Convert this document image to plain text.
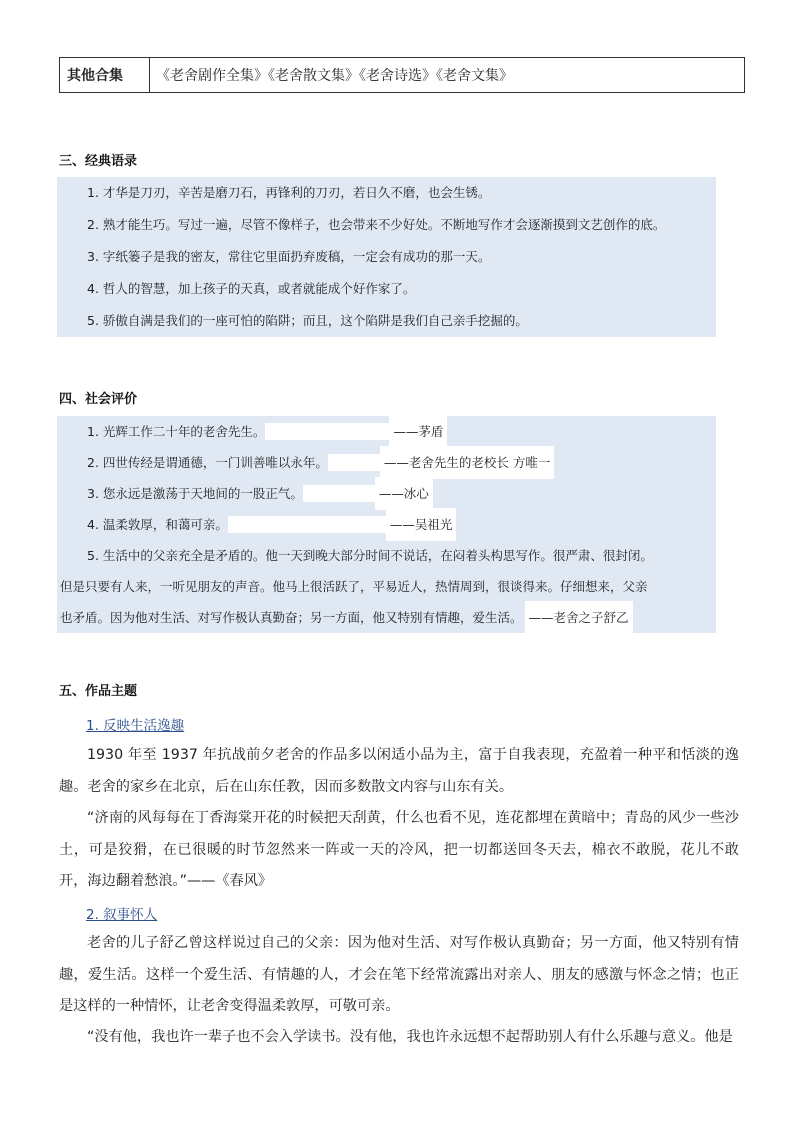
其他合集	《老舍剧作全集》《老舍散文集》《老舍诗选》《老舍文集》
三、经典语录
1. 才华是刀刃，辛苦是磨刀石，再锋利的刀刃，若日久不磨，也会生锈。
2. 熟才能生巧。写过一遍，尽管不像样子，也会带来不少好处。不断地写作才会逐渐摸到文艺创作的底。
3. 字纸篓子是我的密友，常往它里面扔弃废稿，一定会有成功的那一天。
4. 哲人的智慧，加上孩子的天真，或者就能成个好作家了。
5. 骄傲自满是我们的一座可怕的陷阱；而且，这个陷阱是我们自己亲手挖掘的。
四、社会评价
1. 光辉工作二十年的老舍先生。	——茅盾
2. 四世传经是谓通德，一门训善唯以永年。	——老舍先生的老校长 方唯一
3. 您永远是激荡于天地间的一股正气。	——冰心
4. 温柔敦厚，和蔼可亲。	——吴祖光
5. 生活中的父亲充全是矛盾的。他一天到晚大部分时间不说话，在闷着头构思写作。很严肃、很封闭。
但是只要有人来，一听见朋友的声音。他马上很活跃了，平易近人，热情周到，很谈得来。仔细想来，父亲
也矛盾。因为他对生活、对写作极认真勤奋；另一方面，他又特别有情趣，爱生活。 ——老舍之子舒乙
五、作品主题
1. 反映生活逸趣

1930 年至 1937 年抗战前夕老舍的作品多以闲适小品为主，富于自我表现，充盈着一种平和恬淡的逸趣。老舍的家乡在北京，后在山东任教，因而多数散文内容与山东有关。

“济南的风每每在丁香海棠开花的时候把天刮黄，什么也看不见，连花都埋在黄暗中；青岛的风少一些沙土，可是狡猾，在已很暖的时节忽然来一阵或一天的冷风，把一切都送回冬天去，棉衣不敢脱，花儿不敢开，海边翻着愁浪。”——《春风》

2. 叙事怀人

老舍的儿子舒乙曾这样说过自己的父亲：因为他对生活、对写作极认真勤奋；另一方面，他又特别有情趣，爱生活。这样一个爱生活、有情趣的人，才会在笔下经常流露出对亲人、朋友的感激与怀念之情；也正是这样的一种情怀，让老舍变得温柔敦厚，可敬可亲。

“没有他，我也许一辈子也不会入学读书。没有他，我也许永远想不起帮助别人有什么乐趣与意义。他是
